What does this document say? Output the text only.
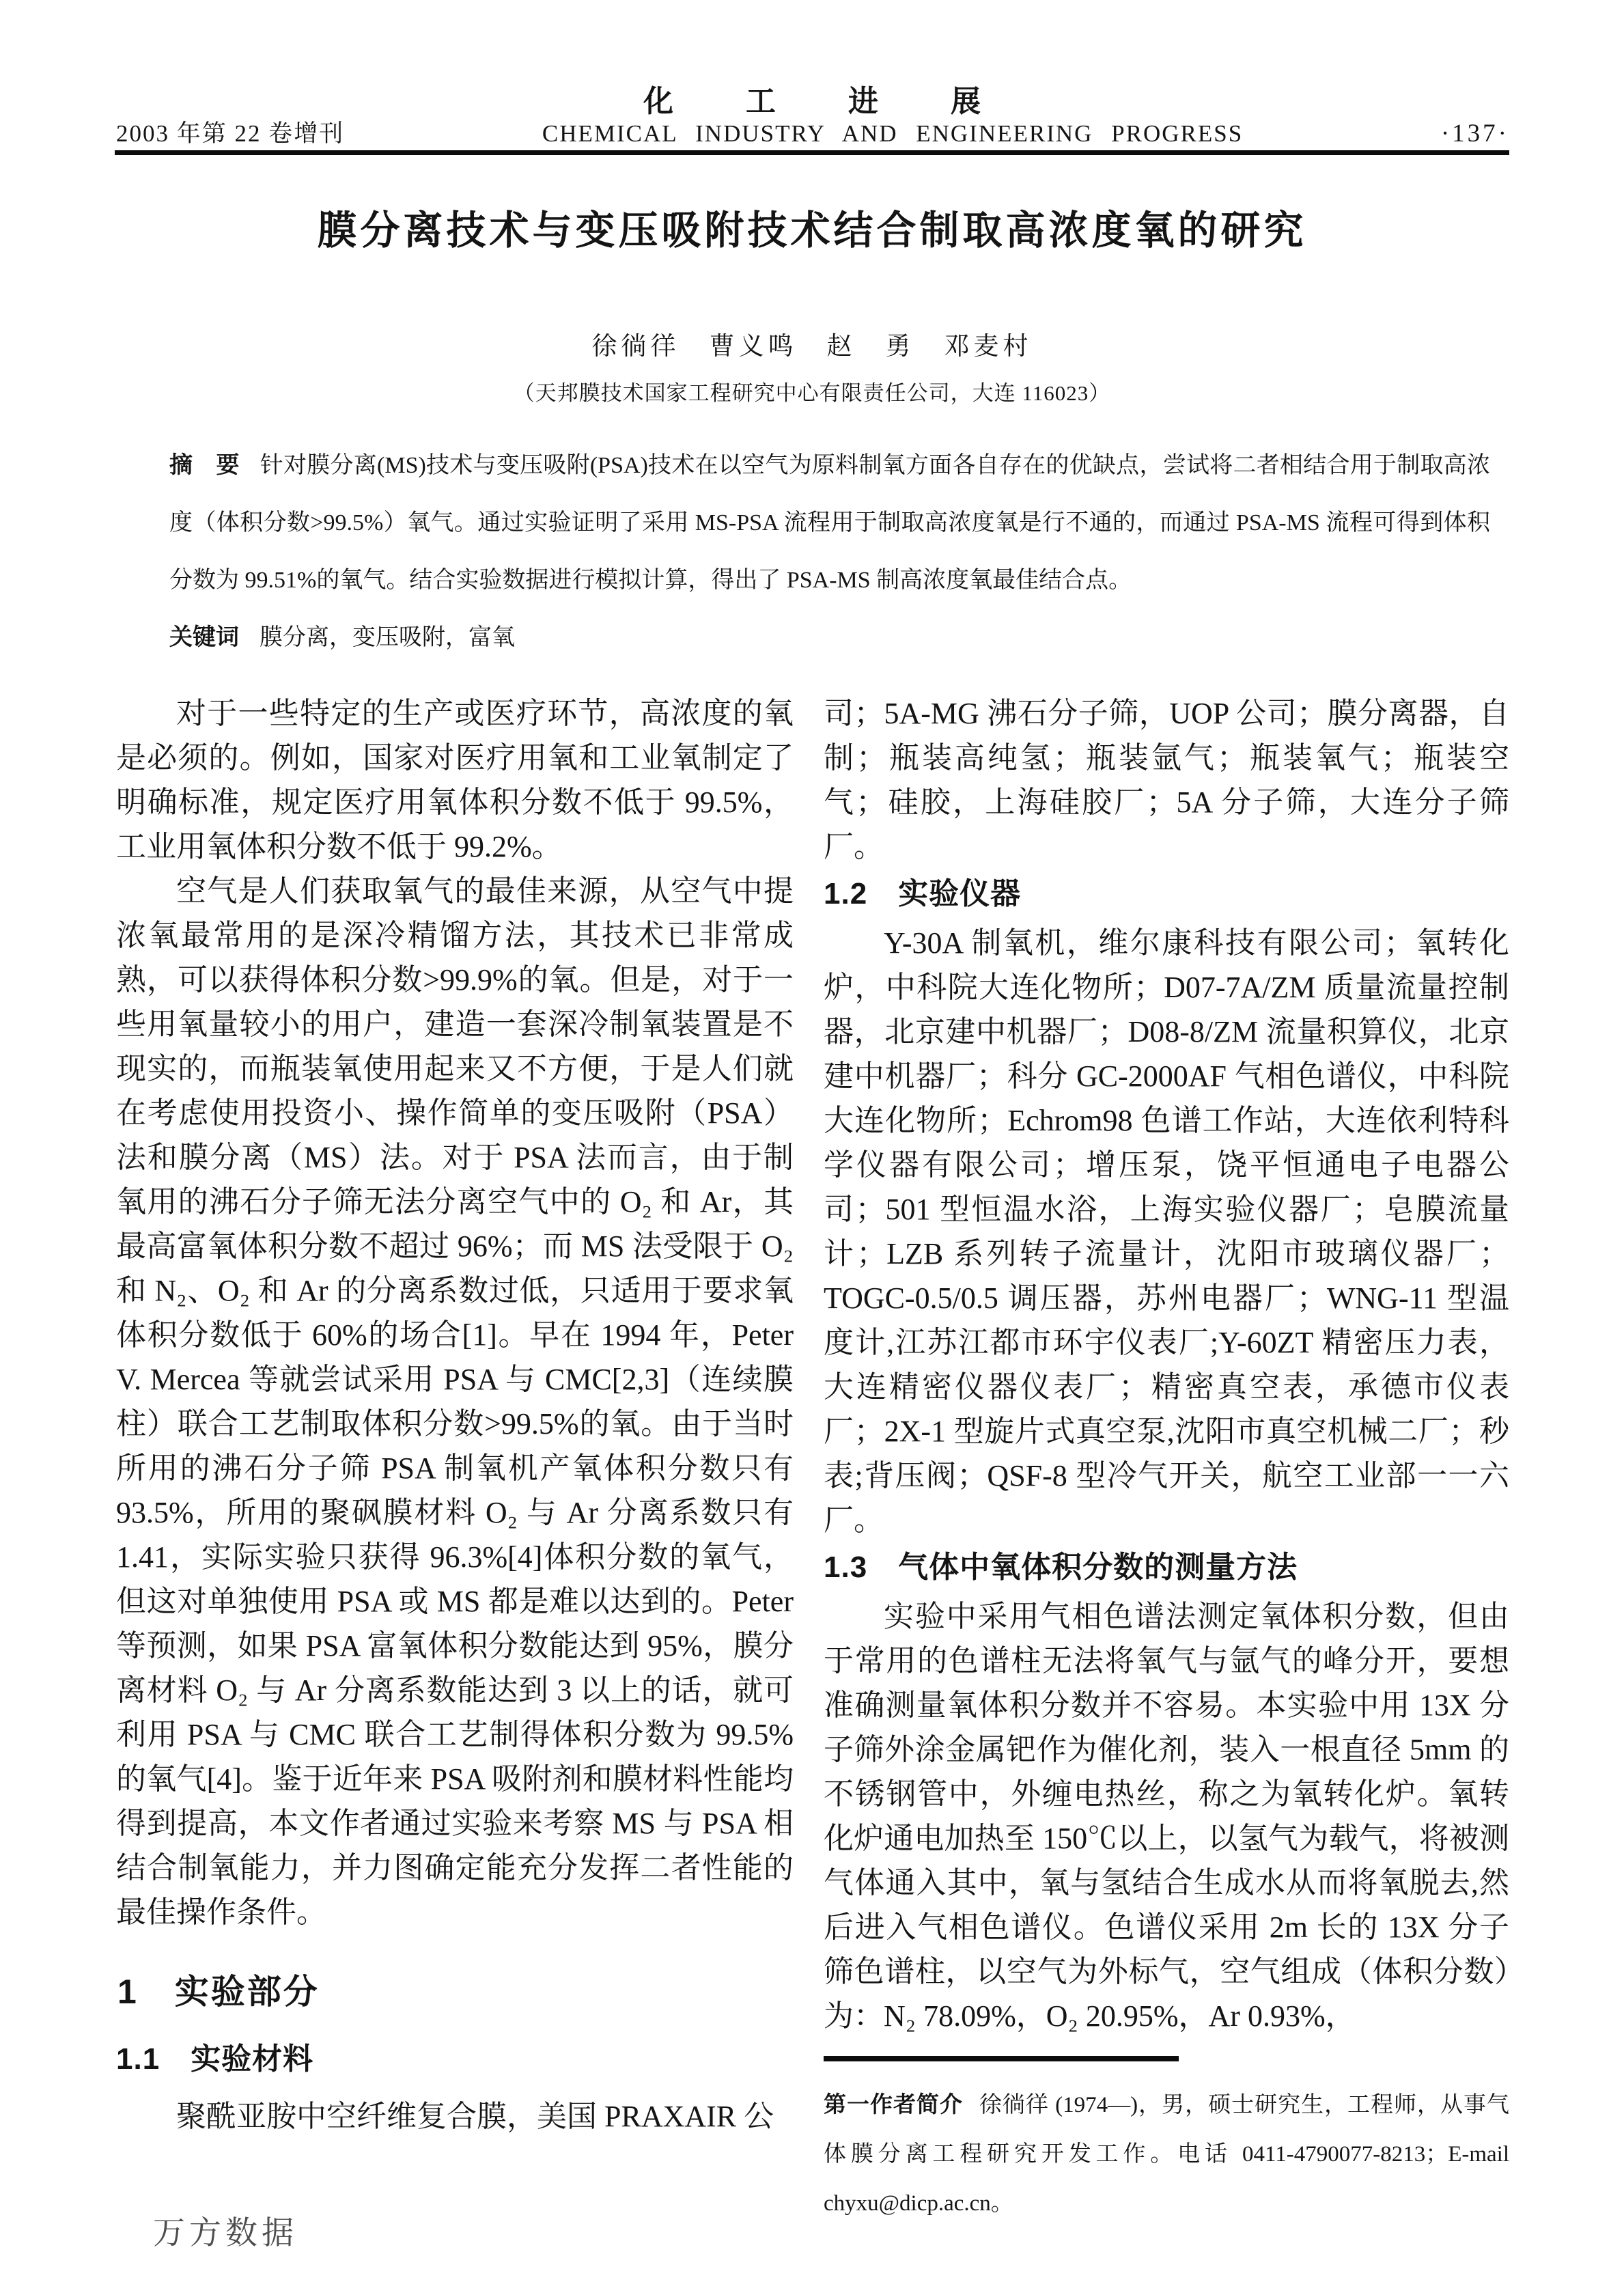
化工进展
2003 年第 22 卷增刊	CHEMICAL INDUSTRY AND ENGINEERING PROGRESS	·137·
膜分离技术与变压吸附技术结合制取高浓度氧的研究
徐徜徉　曹义鸣　赵　勇　邓麦村
（天邦膜技术国家工程研究中心有限责任公司，大连 116023）
摘　要 针对膜分离(MS)技术与变压吸附(PSA)技术在以空气为原料制氧方面各自存在的优缺点，尝试将二者相结合用于制取高浓度（体积分数>99.5%）氧气。通过实验证明了采用 MS-PSA 流程用于制取高浓度氧是行不通的，而通过 PSA-MS 流程可得到体积分数为 99.51%的氧气。结合实验数据进行模拟计算，得出了 PSA-MS 制高浓度氧最佳结合点。
关键词 膜分离，变压吸附，富氧

对于一些特定的生产或医疗环节，高浓度的氧是必须的。例如，国家对医疗用氧和工业氧制定了明确标准，规定医疗用氧体积分数不低于 99.5%，工业用氧体积分数不低于 99.2%。

空气是人们获取氧气的最佳来源，从空气中提浓氧最常用的是深冷精馏方法，其技术已非常成熟，可以获得体积分数>99.9%的氧。但是，对于一些用氧量较小的用户，建造一套深冷制氧装置是不现实的，而瓶装氧使用起来又不方便，于是人们就在考虑使用投资小、操作简单的变压吸附（PSA）法和膜分离（MS）法。对于 PSA 法而言，由于制氧用的沸石分子筛无法分离空气中的 O₂ 和 Ar，其最高富氧体积分数不超过 96%；而 MS 法受限于 O₂ 和 N₂、O₂ 和 Ar 的分离系数过低，只适用于要求氧体积分数低于 60%的场合[1]。早在 1994 年，Peter V. Mercea 等就尝试采用 PSA 与 CMC[2,3]（连续膜柱）联合工艺制取体积分数>99.5%的氧。由于当时所用的沸石分子筛 PSA 制氧机产氧体积分数只有 93.5%，所用的聚砜膜材料 O₂ 与 Ar 分离系数只有 1.41，实际实验只获得 96.3%[4]体积分数的氧气，但这对单独使用 PSA 或 MS 都是难以达到的。Peter 等预测，如果 PSA 富氧体积分数能达到 95%，膜分离材料 O₂ 与 Ar 分离系数能达到 3 以上的话，就可利用 PSA 与 CMC 联合工艺制得体积分数为 99.5%的氧气[4]。鉴于近年来 PSA 吸附剂和膜材料性能均得到提高，本文作者通过实验来考察 MS 与 PSA 相结合制氧能力，并力图确定能充分发挥二者性能的最佳操作条件。

1　实验部分
1.1　实验材料

聚酰亚胺中空纤维复合膜，美国 PRAXAIR 公

司；5A-MG 沸石分子筛，UOP 公司；膜分离器，自制；瓶装高纯氢；瓶装氩气；瓶装氧气；瓶装空气；硅胶，上海硅胶厂；5A 分子筛，大连分子筛厂。

1.2　实验仪器

Y-30A 制氧机，维尔康科技有限公司；氧转化炉，中科院大连化物所；D07-7A/ZM 质量流量控制器，北京建中机器厂；D08-8/ZM 流量积算仪，北京建中机器厂；科分 GC-2000AF 气相色谱仪，中科院大连化物所；Echrom98 色谱工作站，大连依利特科学仪器有限公司；增压泵，饶平恒通电子电器公司；501 型恒温水浴，上海实验仪器厂；皂膜流量计；LZB 系列转子流量计，沈阳市玻璃仪器厂；TOGC-0.5/0.5 调压器，苏州电器厂；WNG-11 型温度计,江苏江都市环宇仪表厂;Y-60ZT 精密压力表，大连精密仪器仪表厂；精密真空表，承德市仪表厂；2X-1 型旋片式真空泵,沈阳市真空机械二厂；秒表;背压阀；QSF-8 型冷气开关，航空工业部一一六厂。

1.3　气体中氧体积分数的测量方法

实验中采用气相色谱法测定氧体积分数，但由于常用的色谱柱无法将氧气与氩气的峰分开，要想准确测量氧体积分数并不容易。本实验中用 13X 分子筛外涂金属钯作为催化剂，装入一根直径 5mm 的不锈钢管中，外缠电热丝，称之为氧转化炉。氧转化炉通电加热至 150℃以上，以氢气为载气，将被测气体通入其中，氧与氢结合生成水从而将氧脱去,然后进入气相色谱仪。色谱仪采用 2m 长的 13X 分子筛色谱柱，以空气为外标气，空气组成（体积分数）为：N₂ 78.09%，O₂ 20.95%，Ar 0.93%，

第一作者简介 徐徜徉 (1974—)，男，硕士研究生，工程师，从事气体膜分离工程研究开发工作。电话 0411-4790077-8213；E-mail chyxu@dicp.ac.cn。

万方数据
